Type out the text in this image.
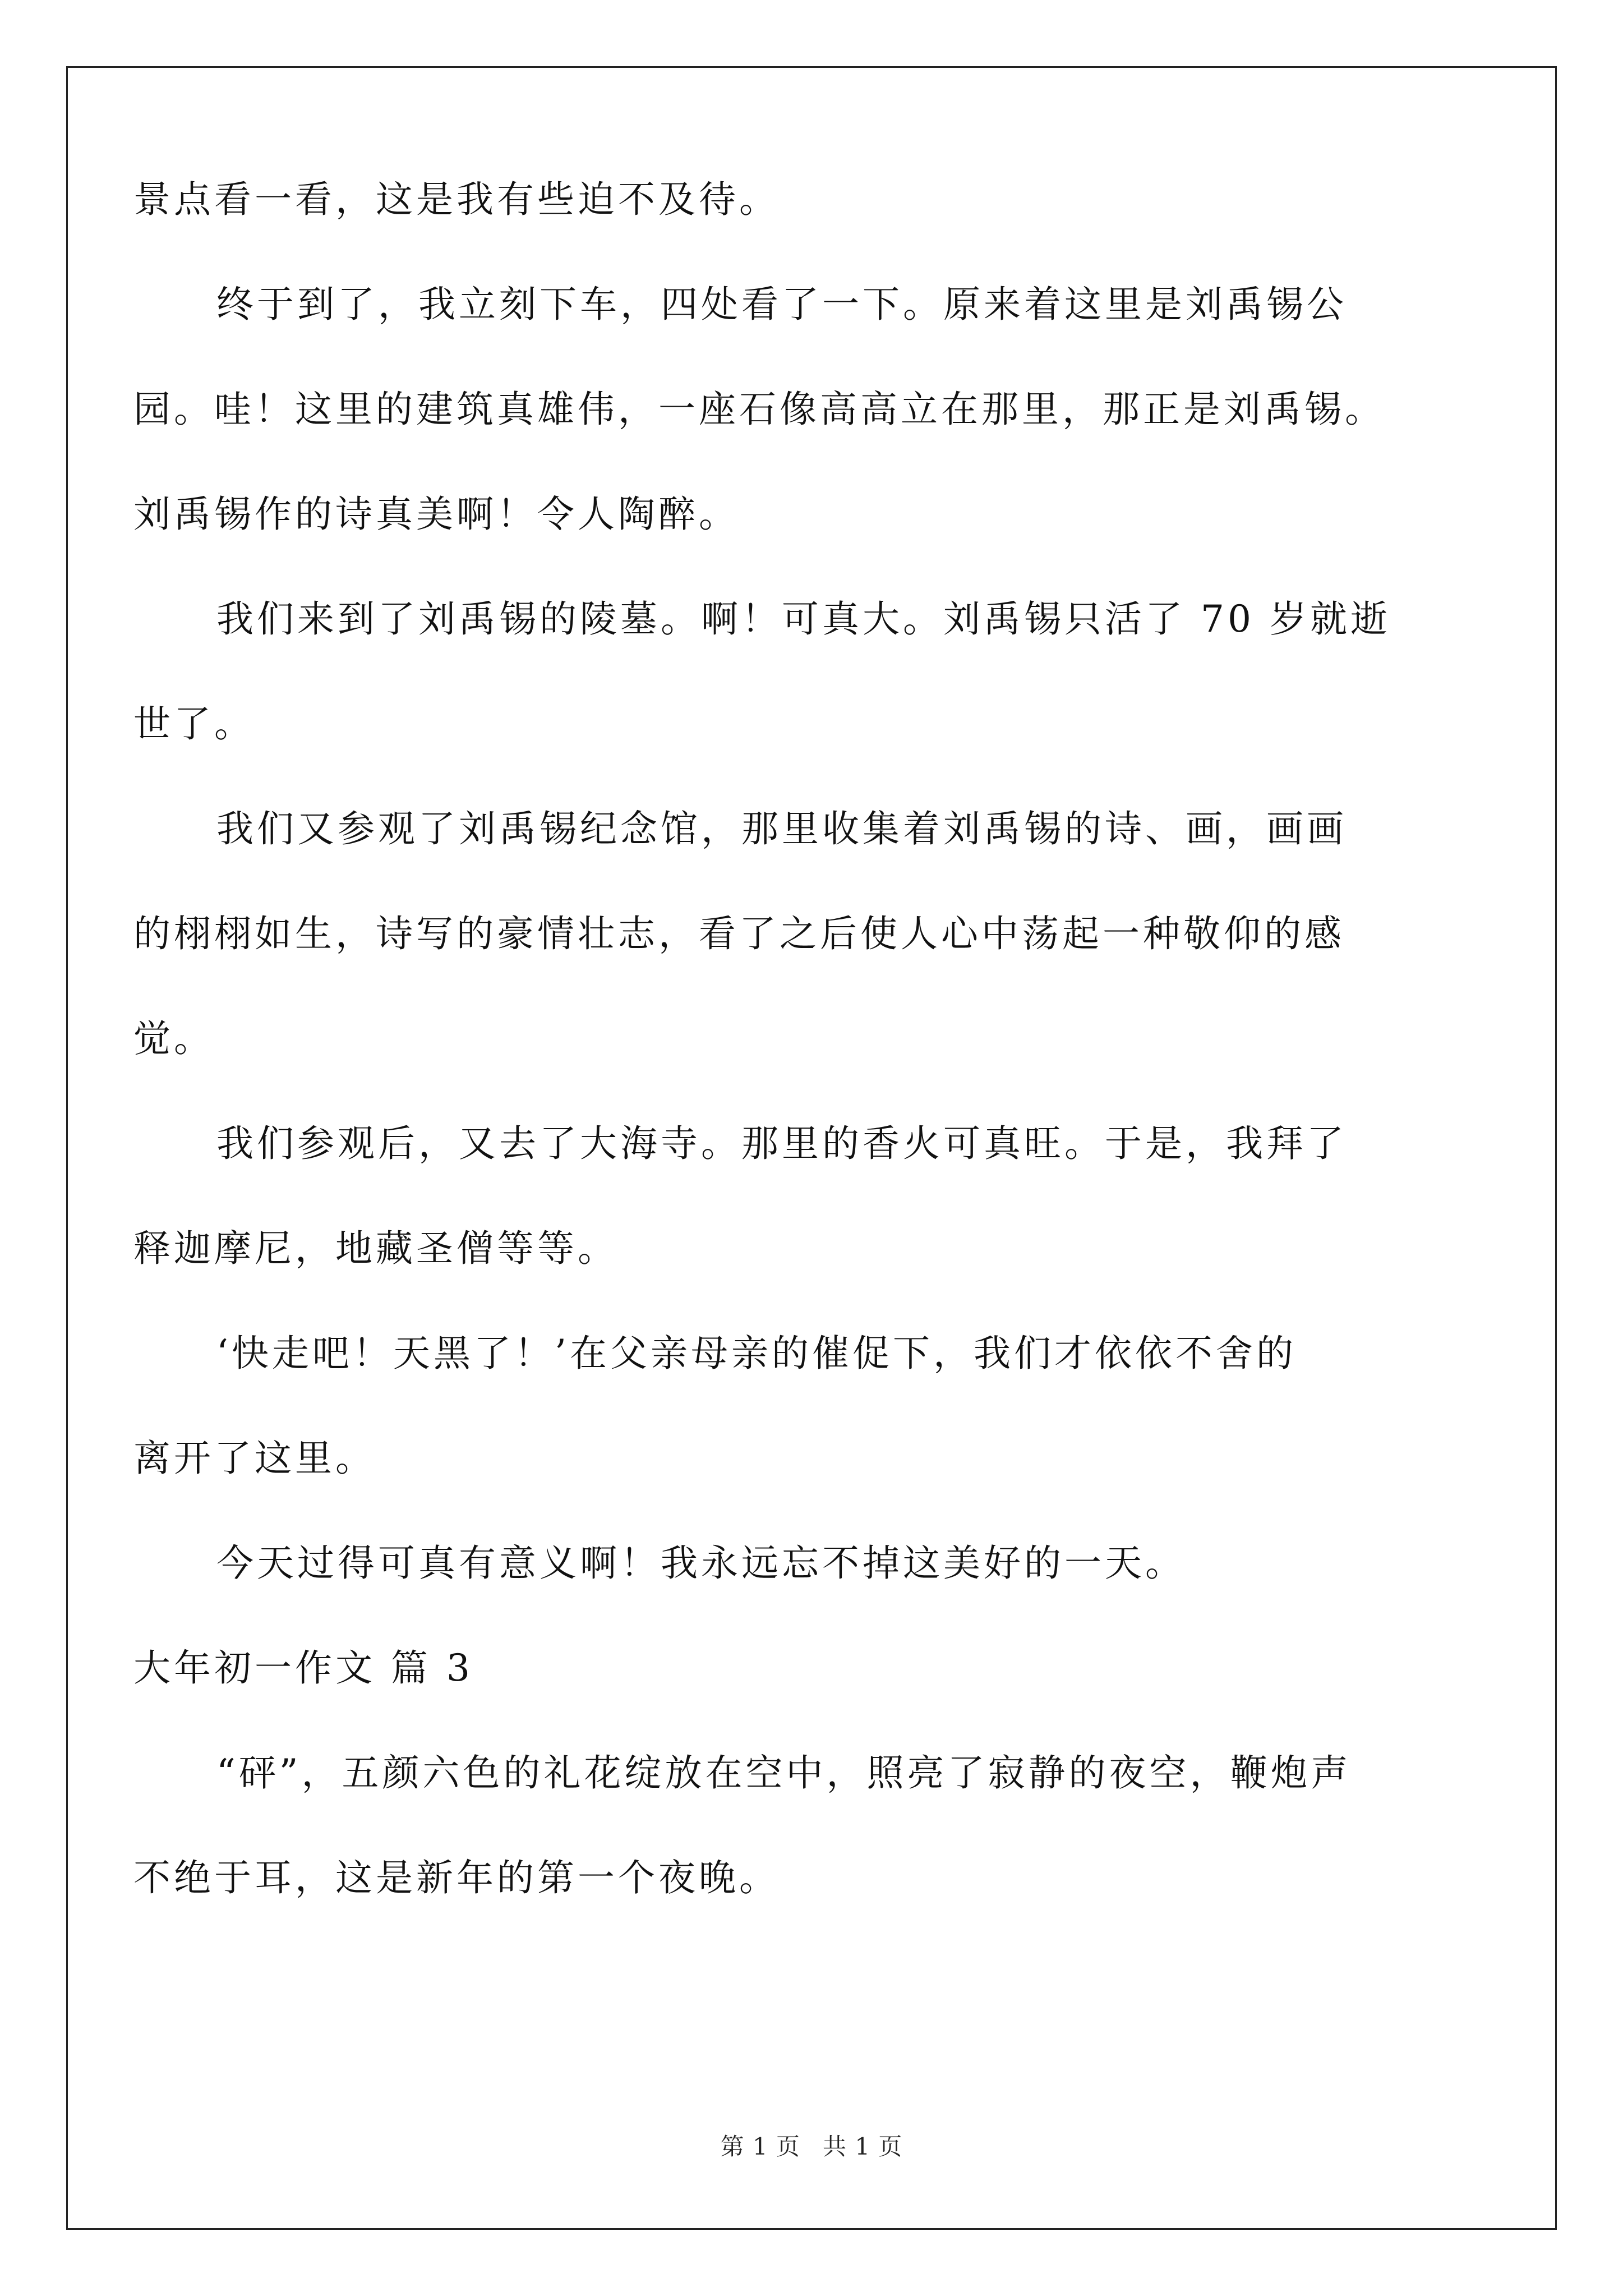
景点看一看，这是我有些迫不及待。
终于到了，我立刻下车，四处看了一下。原来着这里是刘禹锡公
园。哇！这里的建筑真雄伟，一座石像高高立在那里，那正是刘禹锡。
刘禹锡作的诗真美啊！令人陶醉。
我们来到了刘禹锡的陵墓。啊！可真大。刘禹锡只活了 70 岁就逝
世了。
我们又参观了刘禹锡纪念馆，那里收集着刘禹锡的诗、画，画画
的栩栩如生，诗写的豪情壮志，看了之后使人心中荡起一种敬仰的感
觉。
我们参观后，又去了大海寺。那里的香火可真旺。于是，我拜了
释迦摩尼，地藏圣僧等等。
‘快走吧！天黑了！’在父亲母亲的催促下，我们才依依不舍的
离开了这里。
今天过得可真有意义啊！我永远忘不掉这美好的一天。
大年初一作文 篇 3
“砰”，五颜六色的礼花绽放在空中，照亮了寂静的夜空，鞭炮声
不绝于耳，这是新年的第一个夜晚。
第 1 页 共 1 页
